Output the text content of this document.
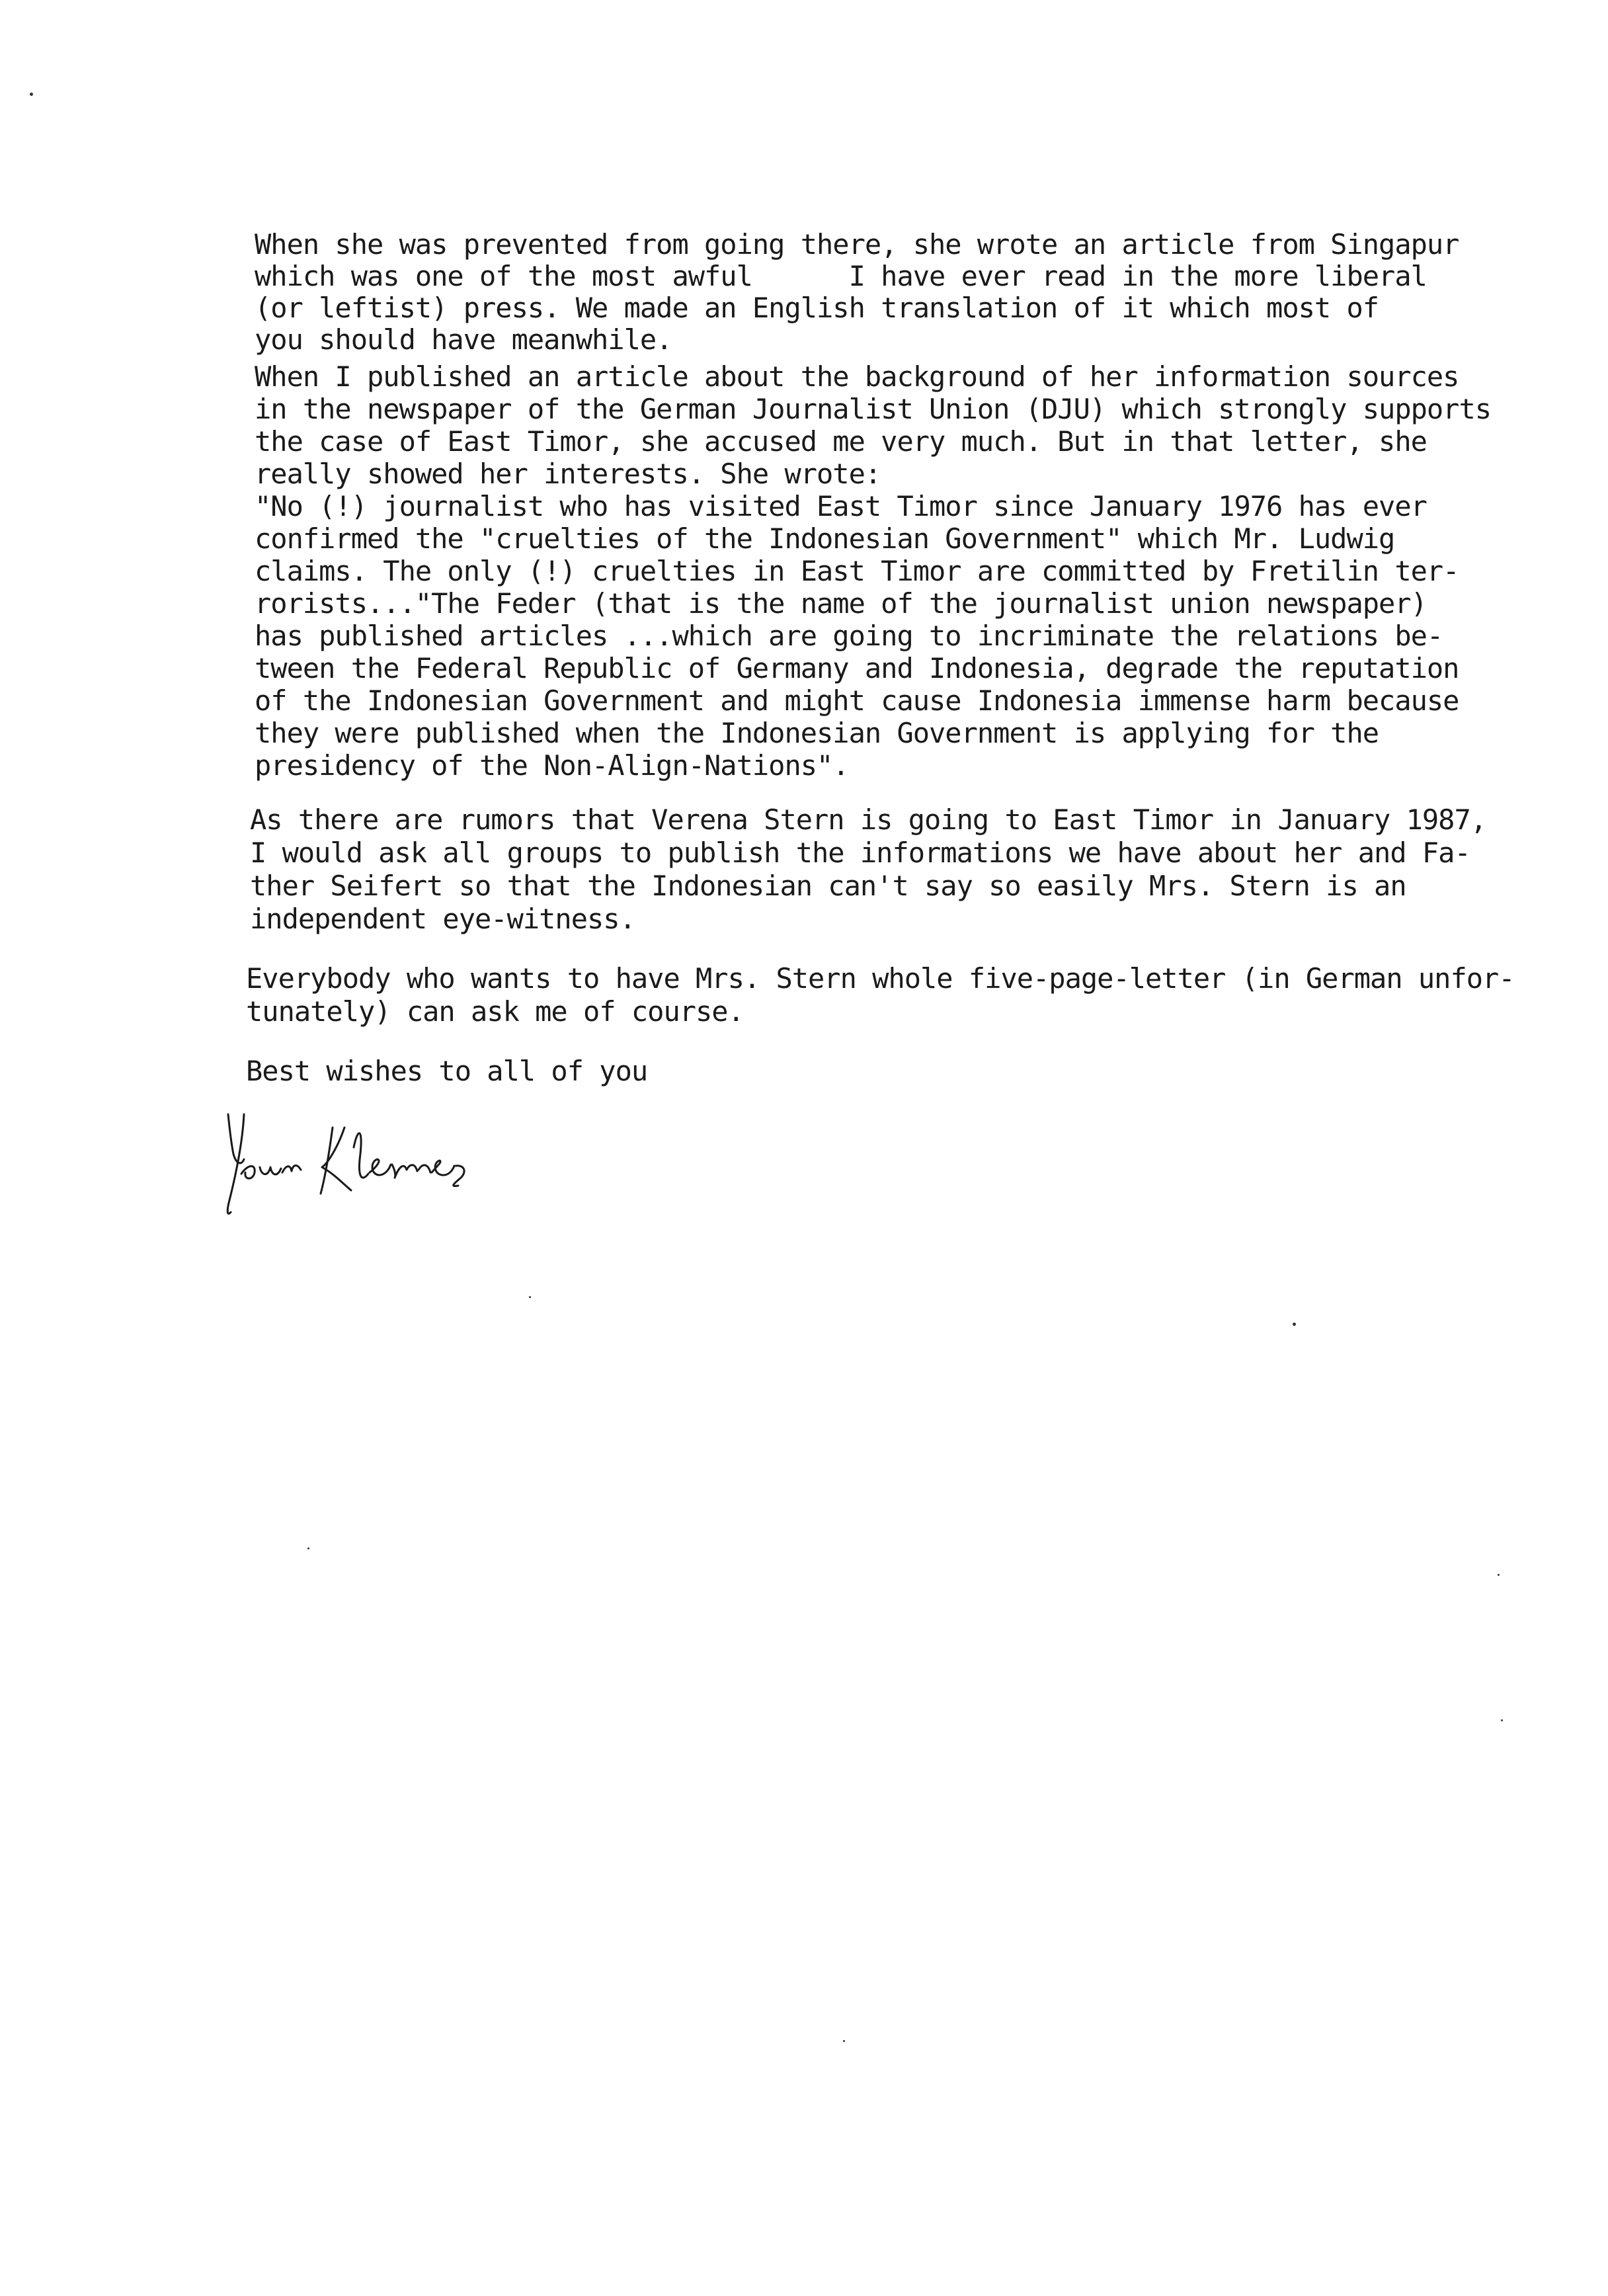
When she was prevented from going there, she wrote an article from Singapur

which was one of the most awful      I have ever read in the more liberal

(or leftist) press. We made an English translation of it which most of

you should have meanwhile.

When I published an article about the background of her information sources

in the newspaper of the German Journalist Union (DJU) which strongly supports

the case of East Timor, she accused me very much. But in that letter, she

really showed her interests. She wrote:

"No (!) journalist who has visited East Timor since January 1976 has ever

confirmed the "cruelties of the Indonesian Government" which Mr. Ludwig

claims. The only (!) cruelties in East Timor are committed by Fretilin ter-

rorists..."The Feder (that is the name of the journalist union newspaper)

has published articles ...which are going to incriminate the relations be-

tween the Federal Republic of Germany and Indonesia, degrade the reputation

of the Indonesian Government and might cause Indonesia immense harm because

they were published when the Indonesian Government is applying for the

presidency of the Non-Align-Nations".

As there are rumors that Verena Stern is going to East Timor in January 1987,

I would ask all groups to publish the informations we have about her and Fa-

ther Seifert so that the Indonesian can't say so easily Mrs. Stern is an

independent eye-witness.

Everybody who wants to have Mrs. Stern whole five-page-letter (in German unfor-

tunately) can ask me of course.

Best wishes to all of you

Yours Klemens
